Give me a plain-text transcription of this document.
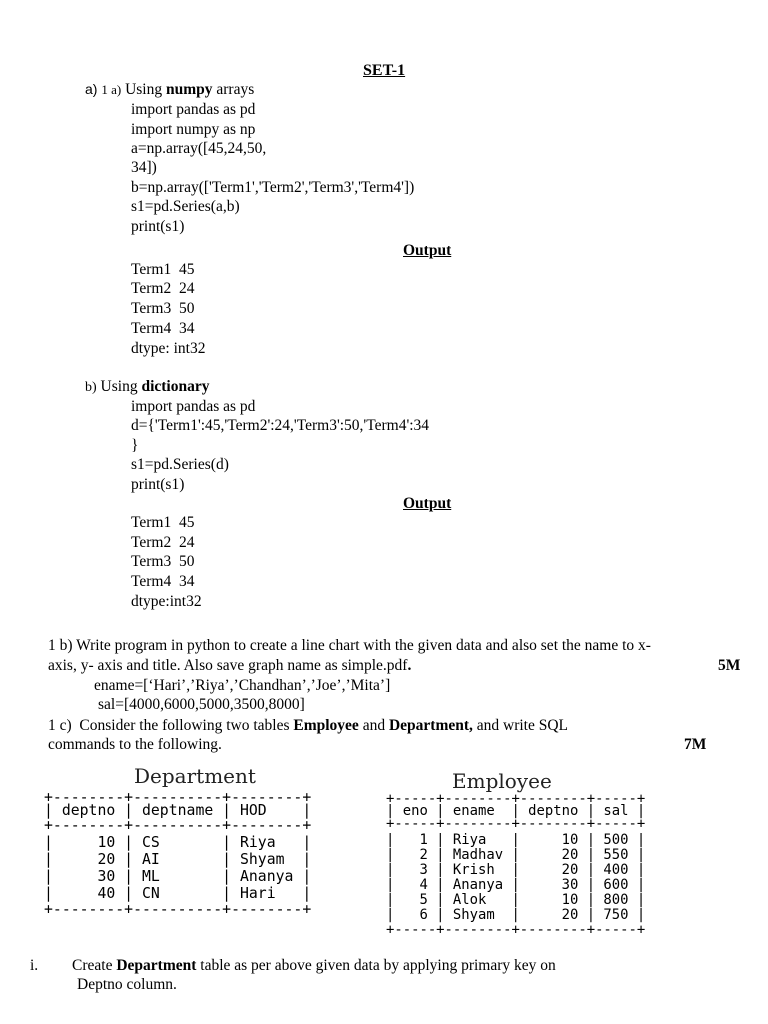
SET-1
a) 1 a) Using numpy arrays
import pandas as pd
import numpy as np
a=np.array([45,24,50,
34])
b=np.array(['Term1','Term2','Term3','Term4'])
s1=pd.Series(a,b)
print(s1)
Output
Term1  45
Term2  24
Term3  50
Term4  34
dtype: int32
b) Using dictionary
import pandas as pd
d={'Term1':45,'Term2':24,'Term3':50,'Term4':34
}
s1=pd.Series(d)
print(s1)
Output
Term1  45
Term2  24
Term3  50
Term4  34
dtype:int32
1 b) Write program in python to create a line chart with the given data and also set the name to x-
axis, y- axis and title. Also save graph name as simple.pdf.	5M
ename=[‘Hari’,’Riya’,’Chandhan’,’Joe’,’Mita’]
sal=[4000,6000,5000,3500,8000]
1 c)  Consider the following two tables Employee and Department, and write SQL
commands to the following.	7M
Department
+--------+----------+--------+
| deptno | deptname | HOD    |
+--------+----------+--------+
|     10 | CS       | Riya   |
|     20 | AI       | Shyam  |
|     30 | ML       | Ananya |
|     40 | CN       | Hari   |
+--------+----------+--------+
Employee
+-----+--------+--------+-----+
| eno | ename  | deptno | sal |
+-----+--------+--------+-----+
|   1 | Riya   |     10 | 500 |
|   2 | Madhav |     20 | 550 |
|   3 | Krish  |     20 | 400 |
|   4 | Ananya |     30 | 600 |
|   5 | Alok   |     10 | 800 |
|   6 | Shyam  |     20 | 750 |
+-----+--------+--------+-----+
i. Create Department table as per above given data by applying primary key on
Deptno column.
